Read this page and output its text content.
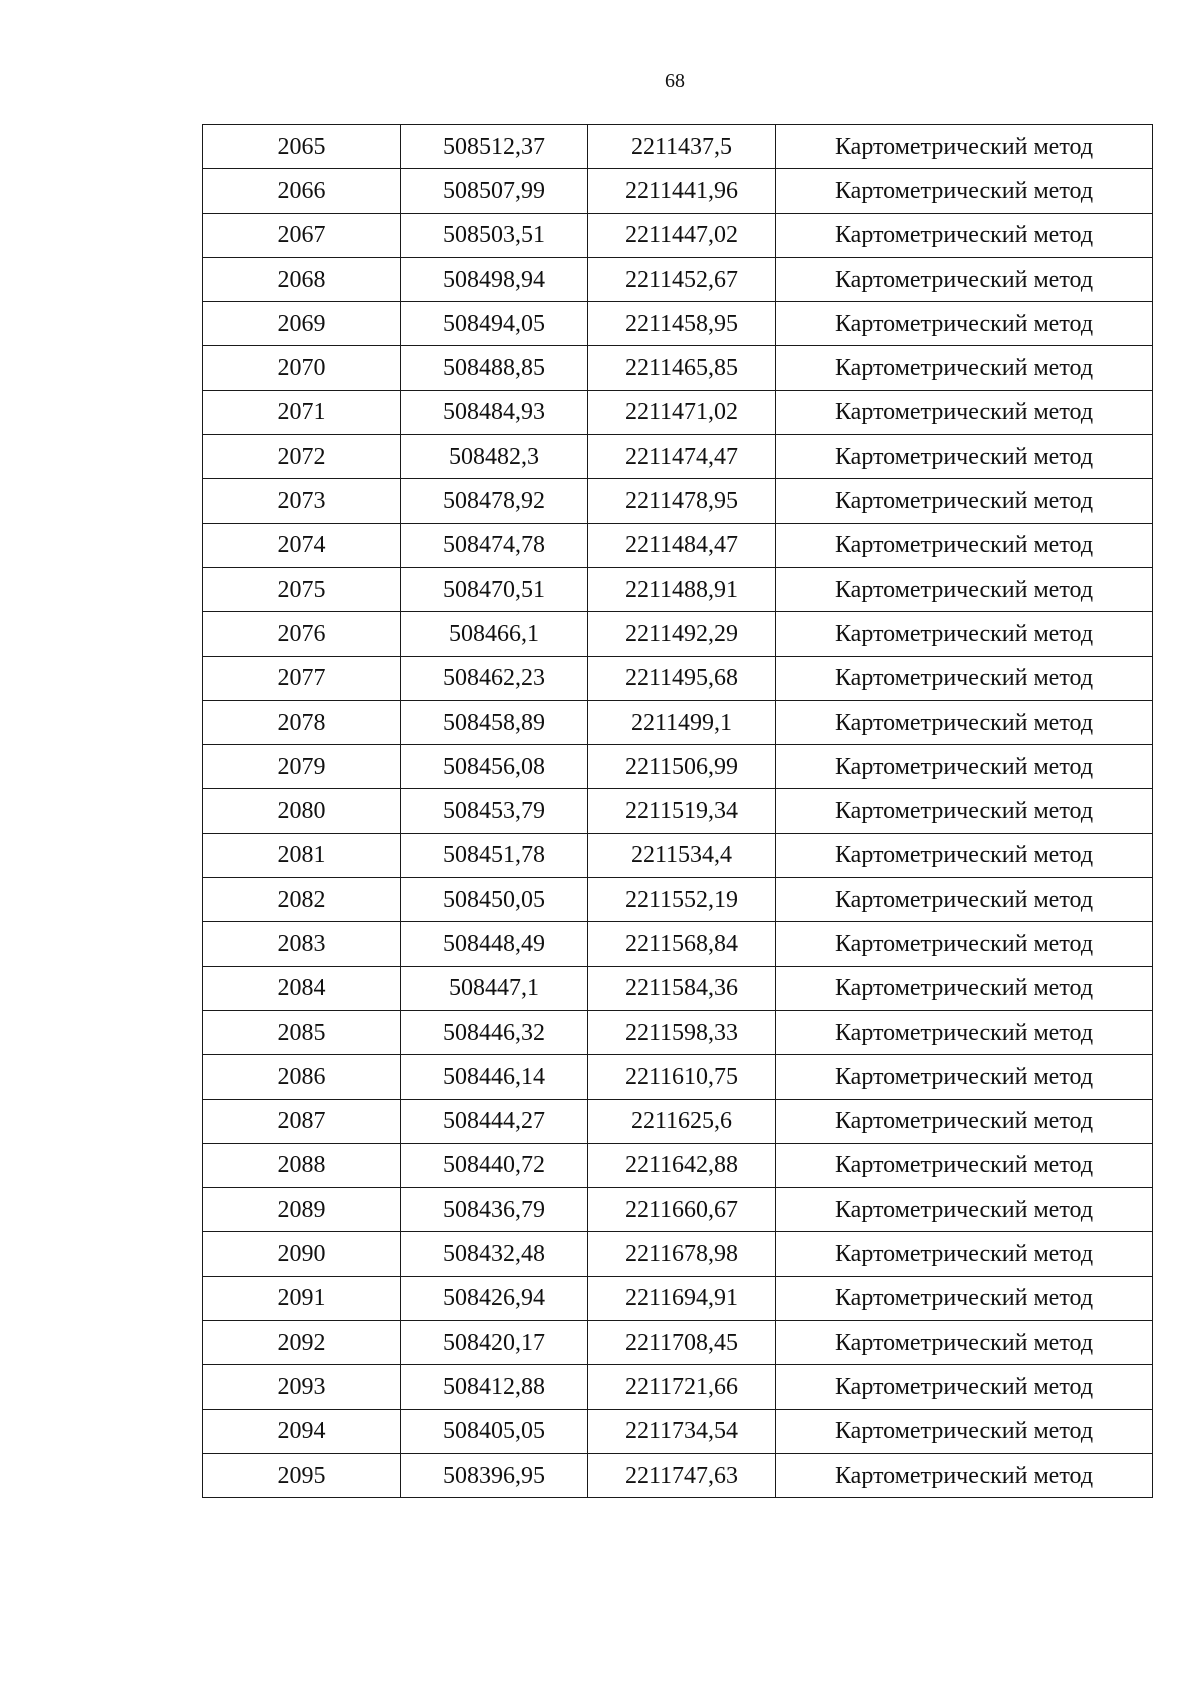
68
2065	508512,37	2211437,5	Картометрический метод
2066	508507,99	2211441,96	Картометрический метод
2067	508503,51	2211447,02	Картометрический метод
2068	508498,94	2211452,67	Картометрический метод
2069	508494,05	2211458,95	Картометрический метод
2070	508488,85	2211465,85	Картометрический метод
2071	508484,93	2211471,02	Картометрический метод
2072	508482,3	2211474,47	Картометрический метод
2073	508478,92	2211478,95	Картометрический метод
2074	508474,78	2211484,47	Картометрический метод
2075	508470,51	2211488,91	Картометрический метод
2076	508466,1	2211492,29	Картометрический метод
2077	508462,23	2211495,68	Картометрический метод
2078	508458,89	2211499,1	Картометрический метод
2079	508456,08	2211506,99	Картометрический метод
2080	508453,79	2211519,34	Картометрический метод
2081	508451,78	2211534,4	Картометрический метод
2082	508450,05	2211552,19	Картометрический метод
2083	508448,49	2211568,84	Картометрический метод
2084	508447,1	2211584,36	Картометрический метод
2085	508446,32	2211598,33	Картометрический метод
2086	508446,14	2211610,75	Картометрический метод
2087	508444,27	2211625,6	Картометрический метод
2088	508440,72	2211642,88	Картометрический метод
2089	508436,79	2211660,67	Картометрический метод
2090	508432,48	2211678,98	Картометрический метод
2091	508426,94	2211694,91	Картометрический метод
2092	508420,17	2211708,45	Картометрический метод
2093	508412,88	2211721,66	Картометрический метод
2094	508405,05	2211734,54	Картометрический метод
2095	508396,95	2211747,63	Картометрический метод
